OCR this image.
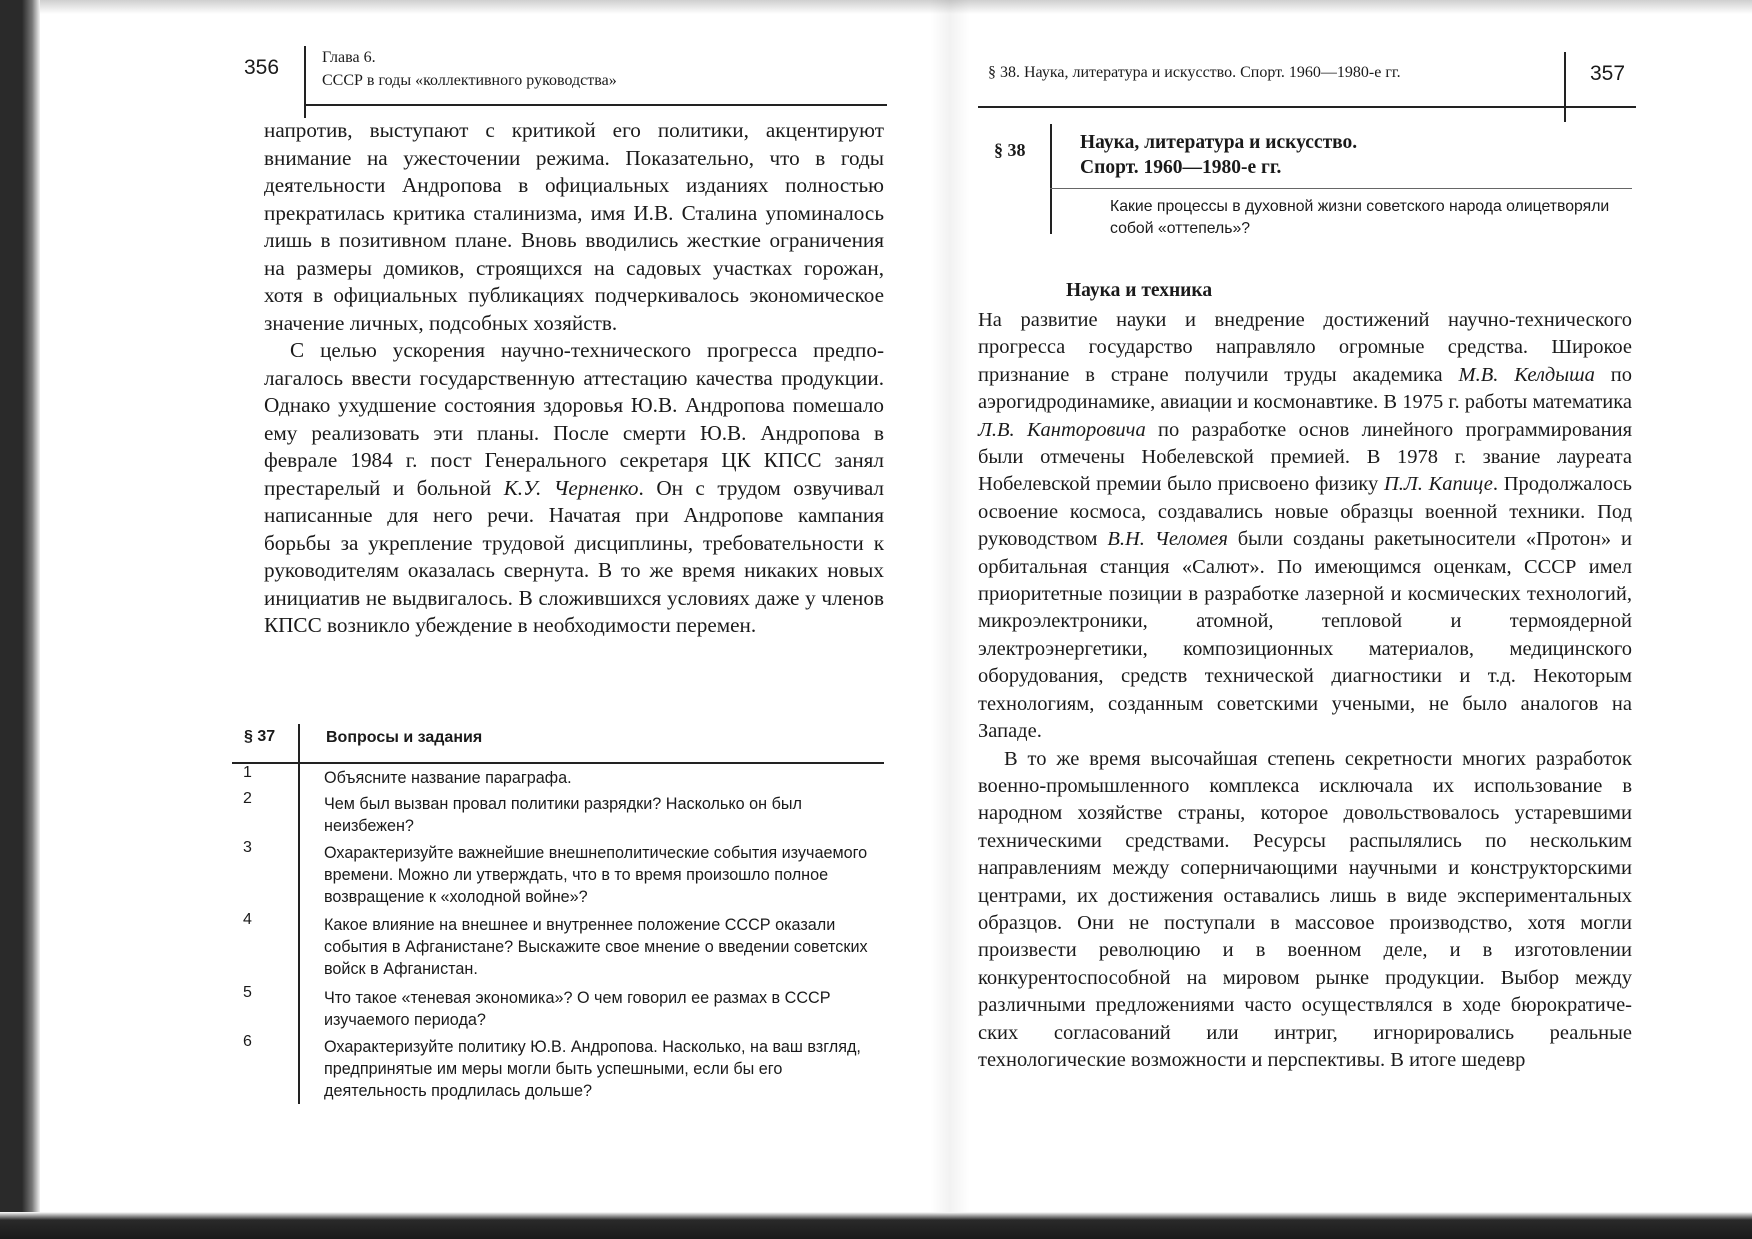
356	Глава 6.
СССР в годы «коллективного руководства»

напротив, выступают с критикой его политики, акцентируют внимание на ужесточении режима. Показательно, что в годы деятельности Андропова в официальных изданиях полностью прекратилась критика сталинизма, имя И.В. Сталина упоминалось лишь в позитивном плане. Вновь вводились жесткие ограничения на размеры домиков, строящихся на садовых участках горожан, хотя в официальных публикациях подчеркивалось экономическое значение личных, подсобных хозяйств.

С целью ускорения научно-технического прогресса предполагалось ввести государственную аттестацию качества продукции. Однако ухудшение состояния здоровья Ю.В. Андропова помешало ему реализовать эти планы. После смерти Ю.В. Андропова в феврале 1984 г. пост Генерального секретаря ЦК КПСС занял престарелый и больной К.У. Черненко. Он с трудом озвучивал написанные для него речи. Начатая при Андропове кампания борьбы за укрепление трудовой дисциплины, требовательности к руководителям оказалась свернута. В то же время никаких новых инициатив не выдвигалось. В сложившихся условиях даже у членов КПСС возникло убеждение в необходимости перемен.

§ 37	Вопросы и задания
1	Объясните название параграфа.
2	Чем был вызван провал политики разрядки? Насколько он был неизбежен?
3	Охарактеризуйте важнейшие внешнеполитические события изучаемого времени. Можно ли утверждать, что в то время произошло полное возвращение к «холодной войне»?
4	Какое влияние на внешнее и внутреннее положение СССР оказали события в Афганистане? Выскажите свое мнение о введении советских войск в Афганистан.
5	Что такое «теневая экономика»? О чем говорил ее размах в СССР изучаемого периода?
6	Охарактеризуйте политику Ю.В. Андропова. Насколько, на ваш взгляд, предпринятые им меры могли быть успешными, если бы его деятельность продлилась дольше?
§ 38. Наука, литература и искусство. Спорт. 1960—1980-е гг.	357
§ 38	Наука, литература и искусство.
Спорт. 1960—1980-е гг.
Какие процессы в духовной жизни советского народа олицетворяли собой «оттепель»?
Наука и техника

На развитие науки и внедрение достижений научно-технического прогресса государство направляло огромные средства. Широкое признание в стране получили труды академика М.В. Келдыша по аэрогидродинамике, авиации и космонавтике. В 1975 г. работы математика Л.В. Канторовича по разработке основ линейного программирования были отмечены Нобелевской премией. В 1978 г. звание лауреата Нобелевской премии было присвоено физику П.Л. Капице. Продолжалось освоение космоса, создавались новые образцы военной техники. Под руководством В.Н. Челомея были созданы ракетыносители «Протон» и орбитальная станция «Салют». По имеющимся оценкам, СССР имел приоритетные позиции в разработке лазерной и космических технологий, микроэлектроники, атомной, тепловой и термоядерной электроэнергетики, композиционных материалов, медицинского оборудования, средств технической диагностики и т.д. Некоторым технологиям, созданным советскими учеными, не было аналогов на Западе.

В то же время высочайшая степень секретности многих разработок военно-промышленного комплекса исключала их использование в народном хозяйстве страны, которое довольствовалось устаревшими техническими средствами. Ресурсы распылялись по нескольким направлениям между соперничающими научными и конструкторскими центрами, их достижения оставались лишь в виде экспериментальных образцов. Они не поступали в массовое производство, хотя могли произвести революцию и в военном деле, и в изготовлении конкурентоспособной на мировом рынке продукции. Выбор между различными предложениями часто осуществлялся в ходе бюрократических согласований или интриг, игнорировались реальные технологические возможности и перспективы. В итоге шедевр
